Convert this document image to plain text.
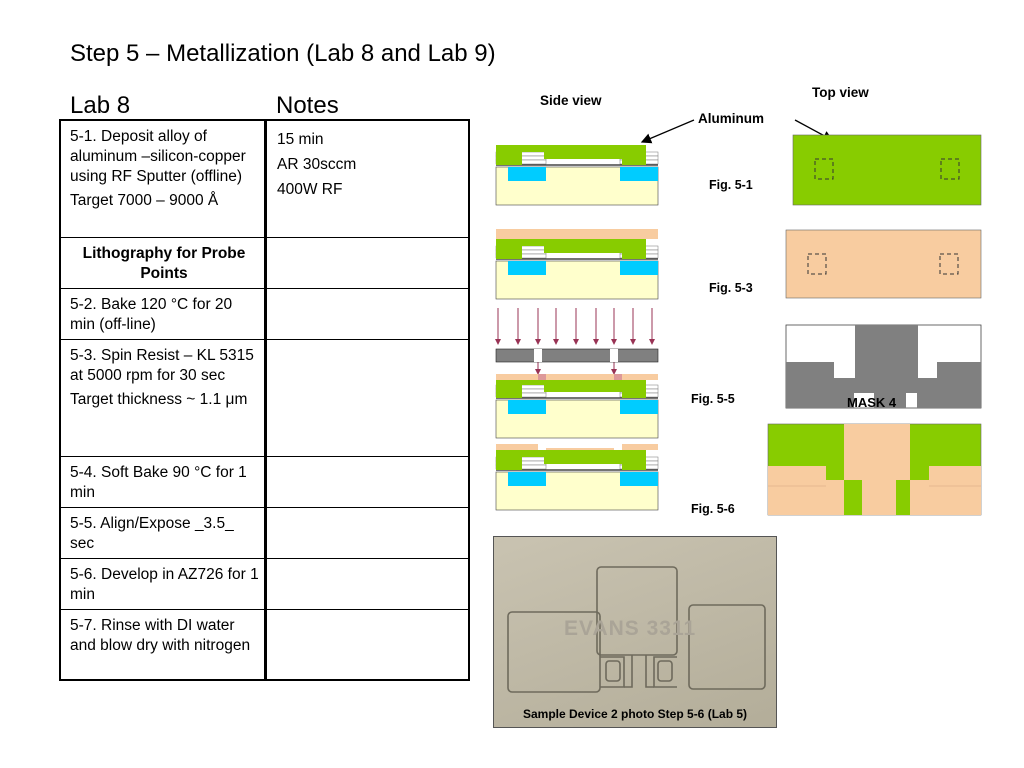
Step 5 – Metallization (Lab 8 and Lab 9)
Lab 8	Notes

5-1. Deposit alloy of aluminum –silicon-copper using RF Sputter (offline)

Target 7000 – 9000 Å

15 min
AR 30sccm
400W RF
Lithography for Probe Points
5-2. Bake 120 °C for 20 min (off-line)

5-3. Spin Resist – KL 5315 at 5000 rpm for 30 sec

Target thickness ~ 1.1 μm

5-4. Soft Bake 90 °C for 1 min
5-5. Align/Expose _3.5_ sec
5-6. Develop in AZ726 for 1 min
5-7. Rinse with DI water and blow dry with nitrogen
Side view
Top view
Aluminum
Fig. 5-1
Fig. 5-3
Fig. 5-5
Fig. 5-6
MASK 4
EVANS 3311
Sample Device 2 photo Step 5-6 (Lab 5)
